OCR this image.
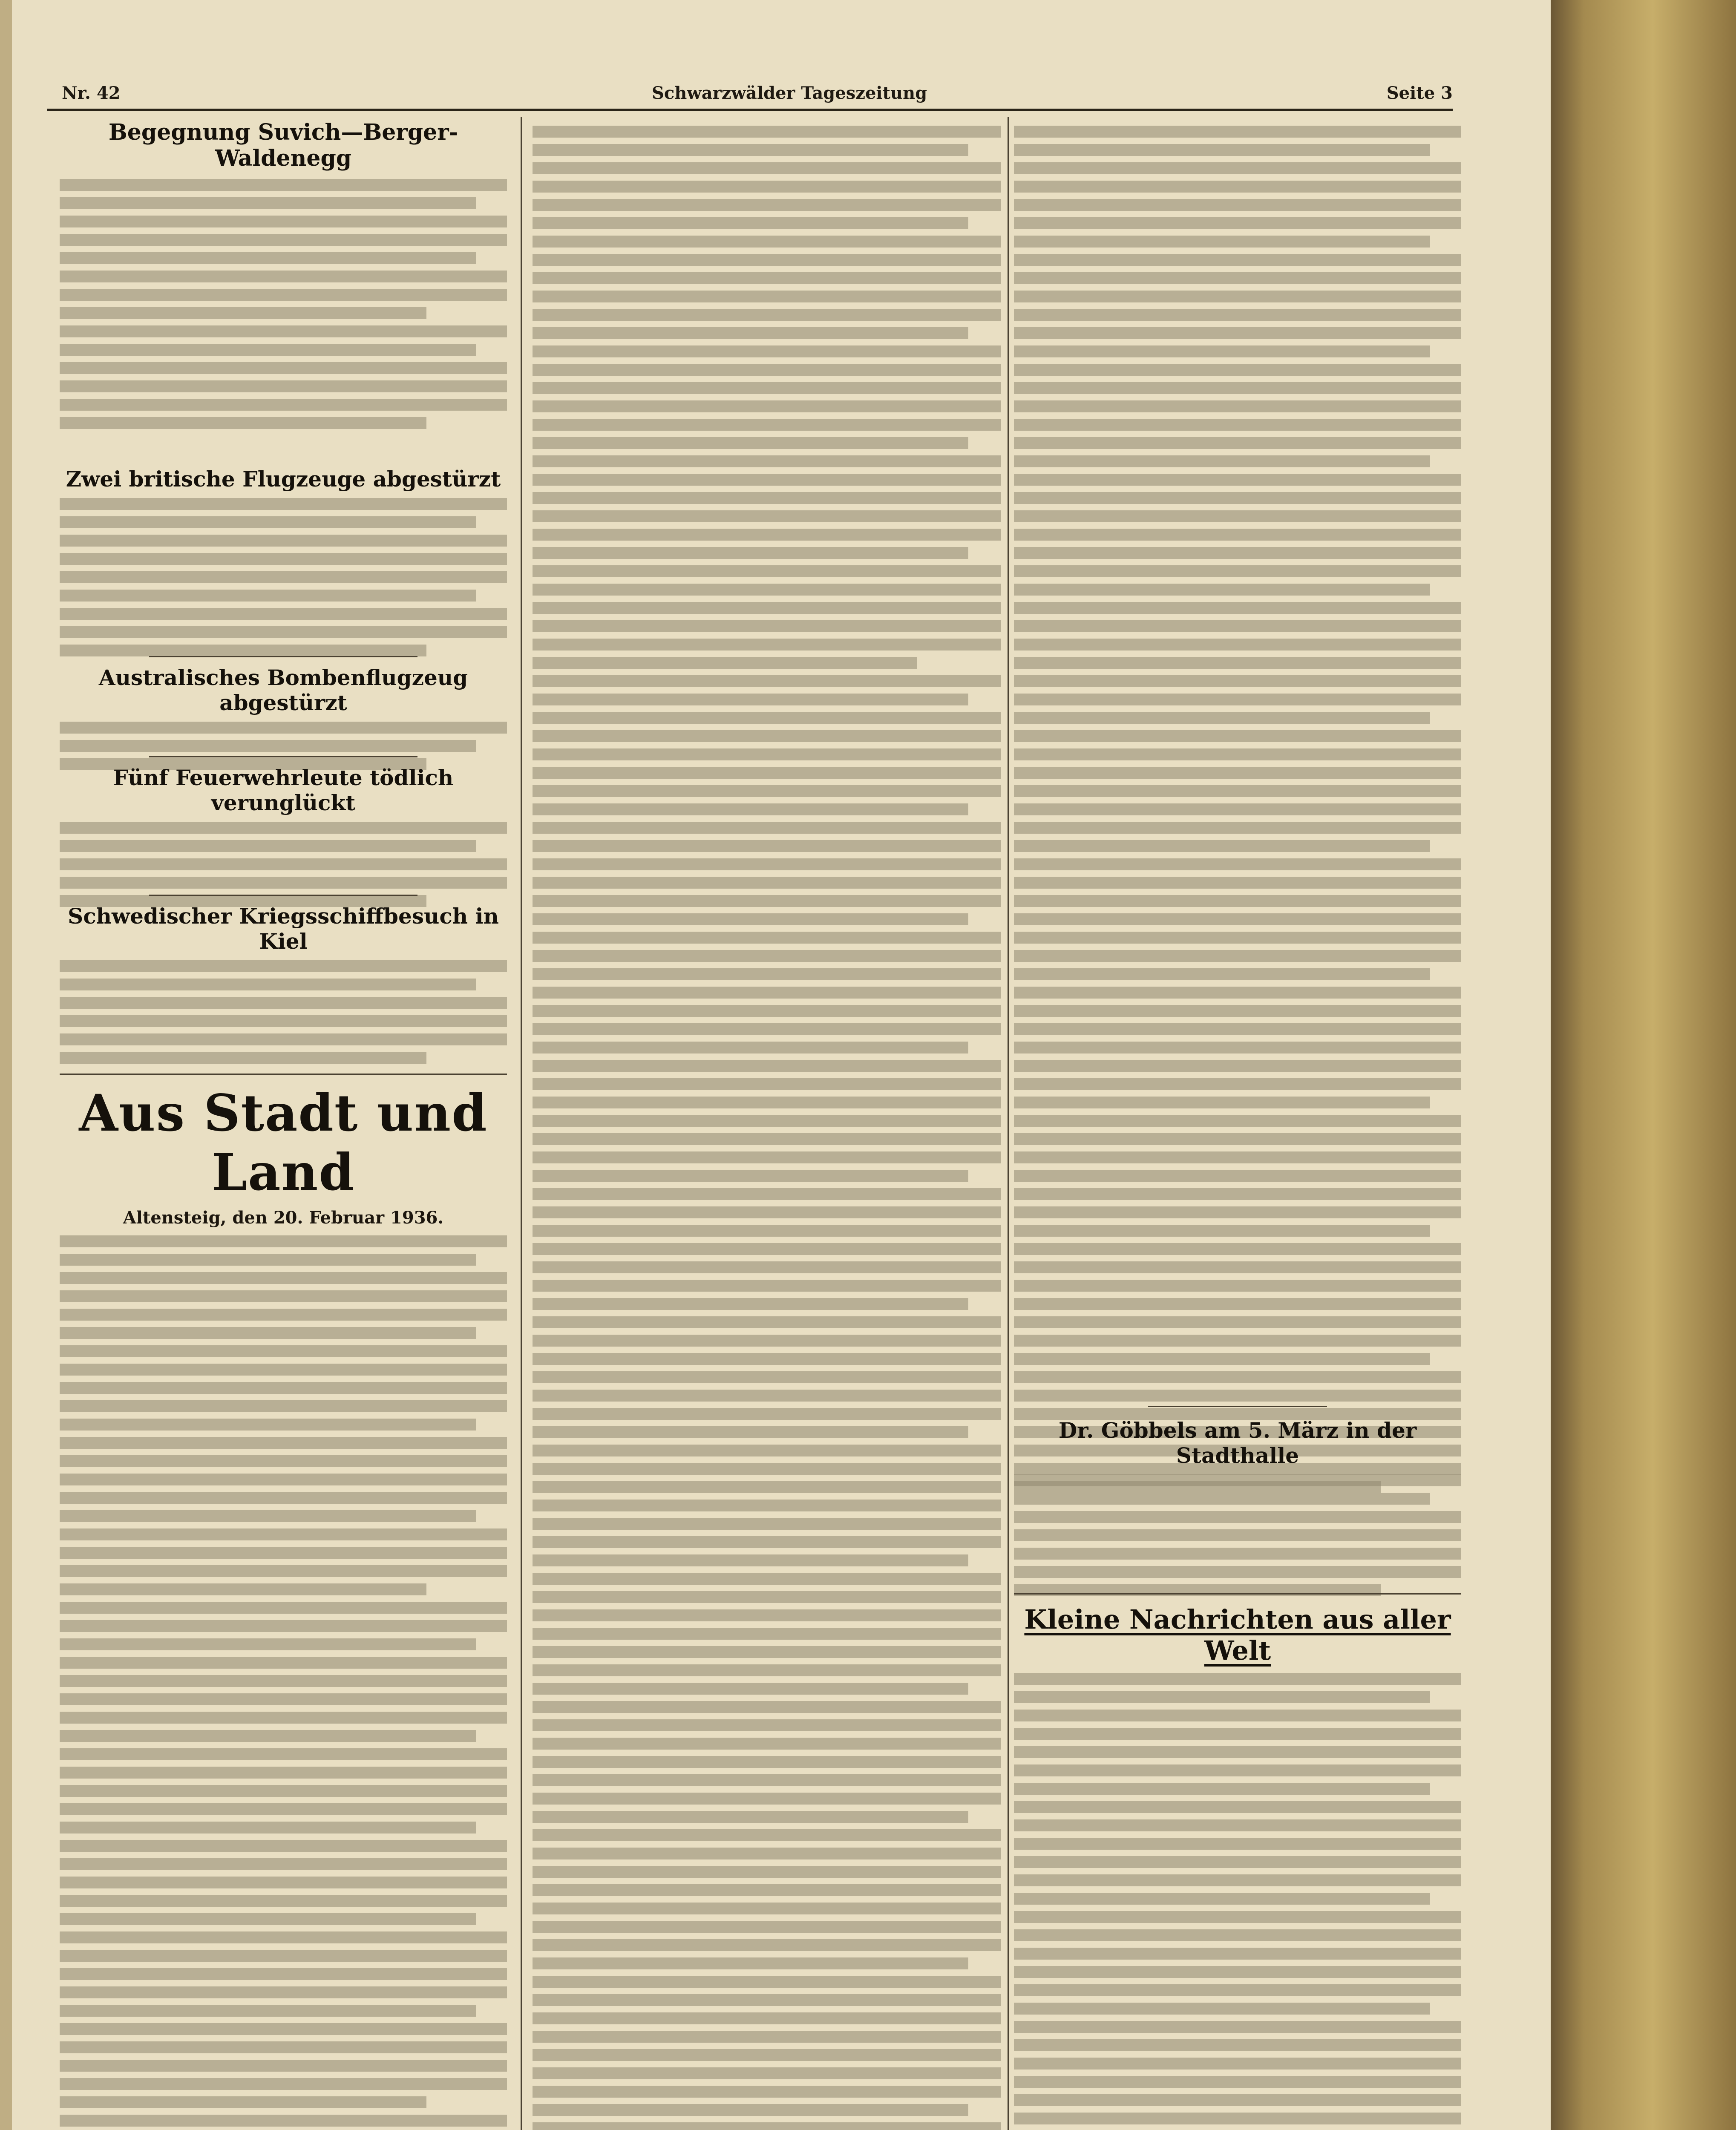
Nr. 42	Schwarzwälder Tageszeitung	Seite 3

Begegnung Suvich—Berger-Waldenegg

Zwei britische Flugzeuge abgestürzt

Australisches Bombenflugzeug abgestürzt

Fünf Feuerwehrleute tödlich verunglückt

Schwedischer Kriegsschiffbesuch in Kiel

Aus Stadt und Land

Altensteig, den 20. Februar 1936.

Dr. Göbbels am 5. März in der Stadthalle

Kleine Nachrichten aus aller Welt
